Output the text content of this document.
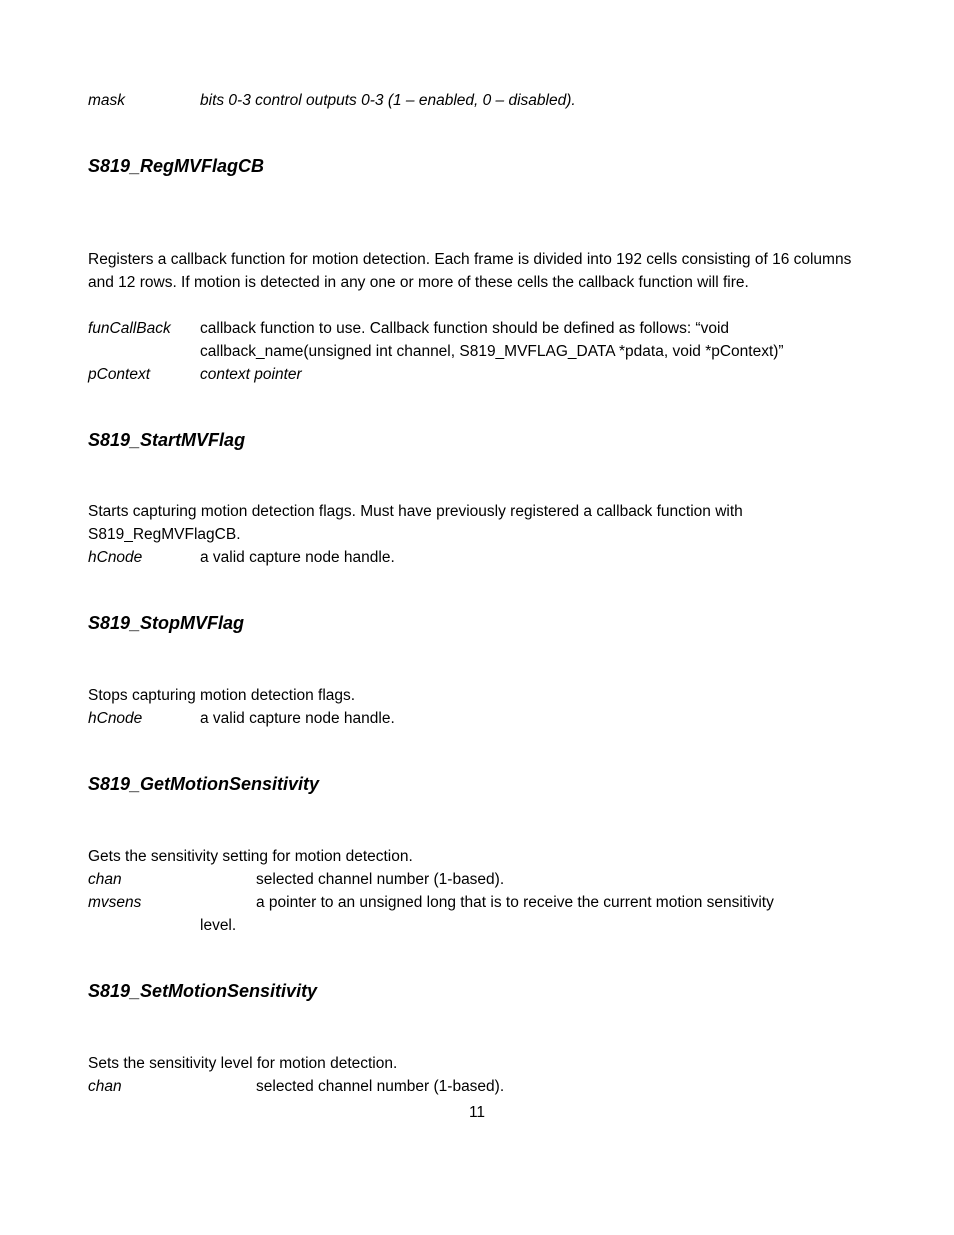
mask	bits 0-3 control outputs 0-3 (1 – enabled, 0 – disabled).
S819_RegMVFlagCB
Registers a callback function for motion detection. Each frame is divided into 192 cells consisting of 16 columns and 12 rows. If motion is detected in any one or more of these cells the callback function will fire.
funCallBack callback function to use. Callback function should be defined as follows: “void
callback_name(unsigned int channel, S819_MVFLAG_DATA *pdata, void *pContext)”
pContext	context pointer
S819_StartMVFlag
Starts capturing motion detection flags. Must have previously registered a callback function with S819_RegMVFlagCB.
hCnode	a valid capture node handle.
S819_StopMVFlag
Stops capturing motion detection flags.
hCnode	a valid capture node handle.
S819_GetMotionSensitivity
Gets the sensitivity setting for motion detection.
chan	selected channel number (1-based).
mvsens	a pointer to an unsigned long that is to receive the current motion sensitivity
level.
S819_SetMotionSensitivity
Sets the sensitivity level for motion detection.
chan	selected channel number (1-based).
11
